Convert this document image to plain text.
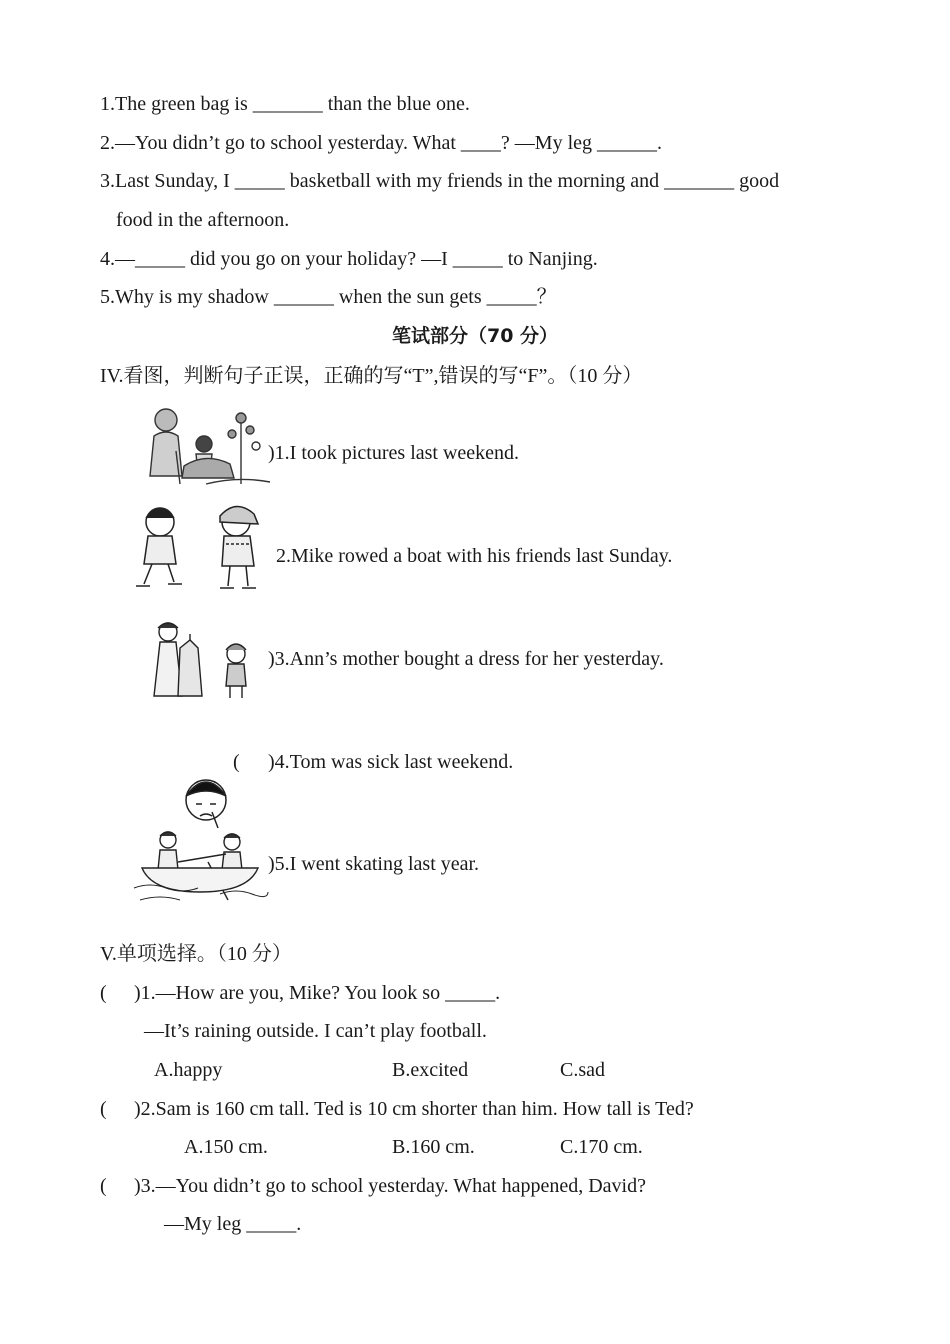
1.The green bag is _______ than the blue one.
2.—You didn’t go to school yesterday. What ____? —My leg ______.
3.Last Sunday, I _____ basketball with my friends in the morning and _______ good
food in the afternoon.
4.—_____ did you go on your holiday? —I _____ to Nanjing.
5.Why is my shadow ______ when the sun gets _____？
笔试部分（70 分）
IV.看图，判断句子正误，正确的写“T”,错误的写“F”。（10 分）
)1.I took pictures last weekend.
2.Mike rowed a boat with his friends last Sunday.
)3.Ann’s mother bought a dress for her yesterday.
( )4.Tom was sick last weekend.
)5.I went skating last year.
V.单项选择。（10 分）
( )1.—How are you, Mike? You look so _____.
—It’s raining outside. I can’t play football.
A.happy	B.excited	C.sad
( )2.Sam is 160 cm tall. Ted is 10 cm shorter than him. How tall is Ted?
A.150 cm.	B.160 cm.	C.170 cm.
( )3.—You didn’t go to school yesterday. What happened, David?
—My leg _____.
